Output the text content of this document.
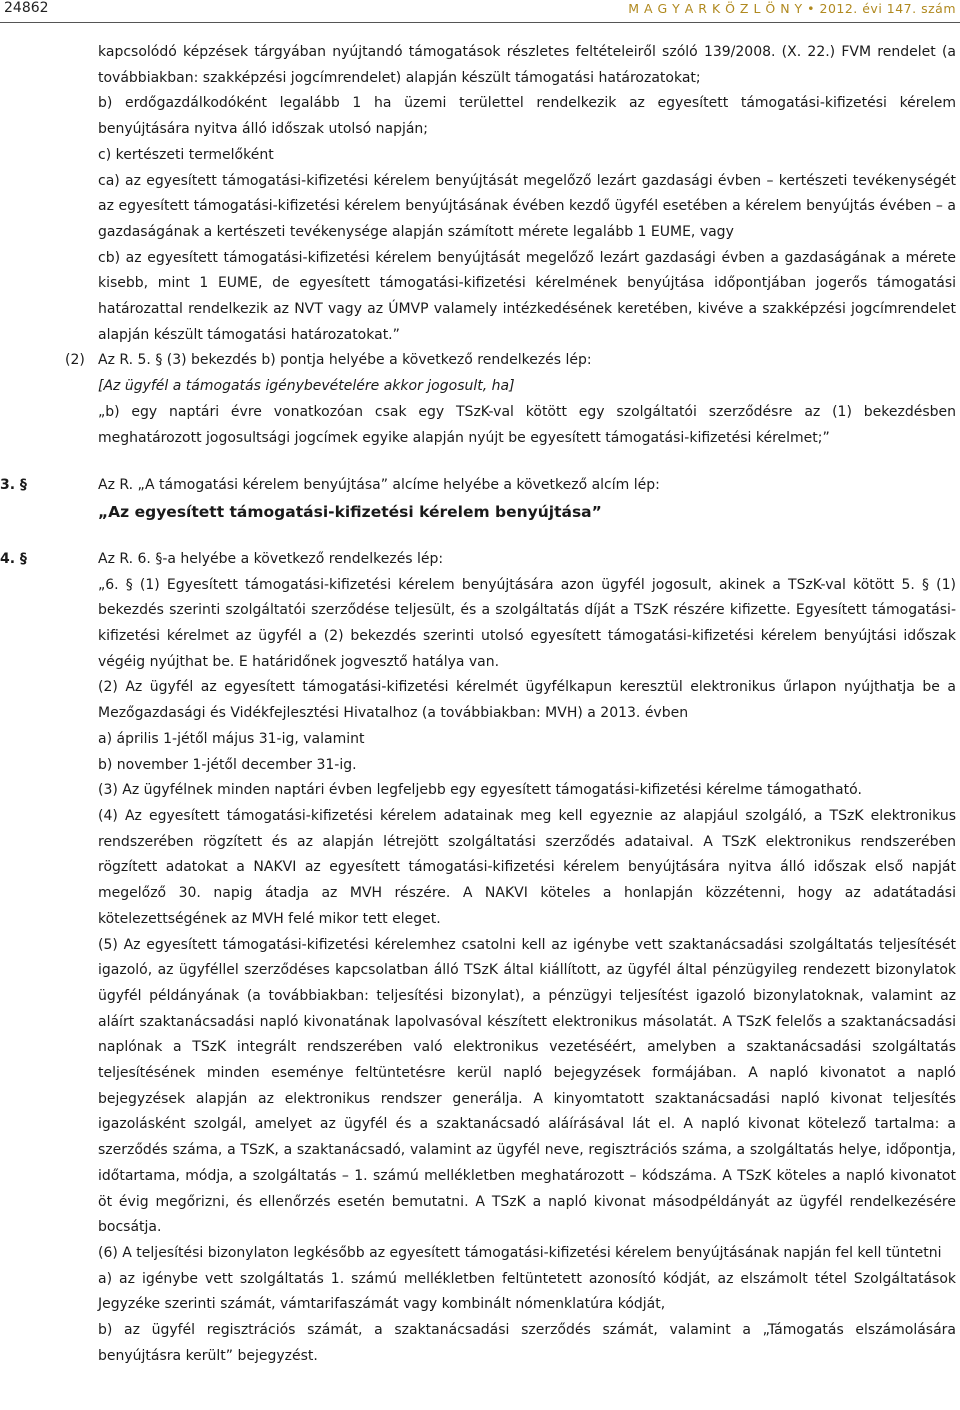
24862	M A G Y A R K Ö Z L Ö N Y • 2012. évi 147. szám

kapcsolódó képzések tárgyában nyújtandó támogatások részletes feltételeiről szóló 139/2008. (X. 22.) FVM rendelet (a továbbiakban: szakképzési jogcímrendelet) alapján készült támogatási határozatokat;

b) erdőgazdálkodóként legalább 1 ha üzemi területtel rendelkezik az egyesített támogatási-kifizetési kérelem benyújtására nyitva álló időszak utolsó napján;

c) kertészeti termelőként

ca) az egyesített támogatási-kifizetési kérelem benyújtását megelőző lezárt gazdasági évben – kertészeti tevékenységét az egyesített támogatási-kifizetési kérelem benyújtásának évében kezdő ügyfél esetében a kérelem benyújtás évében – a gazdaságának a kertészeti tevékenysége alapján számított mérete legalább 1 EUME, vagy

cb) az egyesített támogatási-kifizetési kérelem benyújtását megelőző lezárt gazdasági évben a gazdaságának a mérete kisebb, mint 1 EUME, de egyesített támogatási-kifizetési kérelmének benyújtása időpontjában jogerős támogatási határozattal rendelkezik az NVT vagy az ÚMVP valamely intézkedésének keretében, kivéve a szakképzési jogcímrendelet alapján készült támogatási határozatokat.”

(2) Az R. 5. § (3) bekezdés b) pontja helyébe a következő rendelkezés lép:

[Az ügyfél a támogatás igénybevételére akkor jogosult, ha]

„b) egy naptári évre vonatkozóan csak egy TSzK-val kötött egy szolgáltatói szerződésre az (1) bekezdésben meghatározott jogosultsági jogcímek egyike alapján nyújt be egyesített támogatási-kifizetési kérelmet;”

3. §	Az R. „A támogatási kérelem benyújtása” alcíme helyébe a következő alcím lép:
„Az egyesített támogatási-kifizetési kérelem benyújtása”
4. §	Az R. 6. §-a helyébe a következő rendelkezés lép:

„6. § (1) Egyesített támogatási-kifizetési kérelem benyújtására azon ügyfél jogosult, akinek a TSzK-val kötött 5. § (1) bekezdés szerinti szolgáltatói szerződése teljesült, és a szolgáltatás díját a TSzK részére kifizette. Egyesített támogatási-kifizetési kérelmet az ügyfél a (2) bekezdés szerinti utolsó egyesített támogatási-kifizetési kérelem benyújtási időszak végéig nyújthat be. E határidőnek jogvesztő hatálya van.

(2) Az ügyfél az egyesített támogatási-kifizetési kérelmét ügyfélkapun keresztül elektronikus űrlapon nyújthatja be a Mezőgazdasági és Vidékfejlesztési Hivatalhoz (a továbbiakban: MVH) a 2013. évben

a) április 1-jétől május 31-ig, valamint

b) november 1-jétől december 31-ig.

(3) Az ügyfélnek minden naptári évben legfeljebb egy egyesített támogatási-kifizetési kérelme támogatható.

(4) Az egyesített támogatási-kifizetési kérelem adatainak meg kell egyeznie az alapjául szolgáló, a TSzK elektronikus rendszerében rögzített és az alapján létrejött szolgáltatási szerződés adataival. A TSzK elektronikus rendszerében rögzített adatokat a NAKVI az egyesített támogatási-kifizetési kérelem benyújtására nyitva álló időszak első napját megelőző 30. napig átadja az MVH részére. A NAKVI köteles a honlapján közzétenni, hogy az adatátadási kötelezettségének az MVH felé mikor tett eleget.

(5) Az egyesített támogatási-kifizetési kérelemhez csatolni kell az igénybe vett szaktanácsadási szolgáltatás teljesítését igazoló, az ügyféllel szerződéses kapcsolatban álló TSzK által kiállított, az ügyfél által pénzügyileg rendezett bizonylatok ügyfél példányának (a továbbiakban: teljesítési bizonylat), a pénzügyi teljesítést igazoló bizonylatoknak, valamint az aláírt szaktanácsadási napló kivonatának lapolvasóval készített elektronikus másolatát. A TSzK felelős a szaktanácsadási naplónak a TSzK integrált rendszerében való elektronikus vezetéséért, amelyben a szaktanácsadási szolgáltatás teljesítésének minden eseménye feltüntetésre kerül napló bejegyzések formájában. A napló kivonatot a napló bejegyzések alapján az elektronikus rendszer generálja. A kinyomtatott szaktanácsadási napló kivonat teljesítés igazolásként szolgál, amelyet az ügyfél és a szaktanácsadó aláírásával lát el. A napló kivonat kötelező tartalma: a szerződés száma, a TSzK, a szaktanácsadó, valamint az ügyfél neve, regisztrációs száma, a szolgáltatás helye, időpontja, időtartama, módja, a szolgáltatás – 1. számú mellékletben meghatározott – kódszáma. A TSzK köteles a napló kivonatot öt évig megőrizni, és ellenőrzés esetén bemutatni. A TSzK a napló kivonat másodpéldányát az ügyfél rendelkezésére bocsátja.

(6) A teljesítési bizonylaton legkésőbb az egyesített támogatási-kifizetési kérelem benyújtásának napján fel kell tüntetni

a) az igénybe vett szolgáltatás 1. számú mellékletben feltüntetett azonosító kódját, az elszámolt tétel Szolgáltatások Jegyzéke szerinti számát, vámtarifaszámát vagy kombinált nómenklatúra kódját,

b) az ügyfél regisztrációs számát, a szaktanácsadási szerződés számát, valamint a „Támogatás elszámolására benyújtásra került” bejegyzést.
